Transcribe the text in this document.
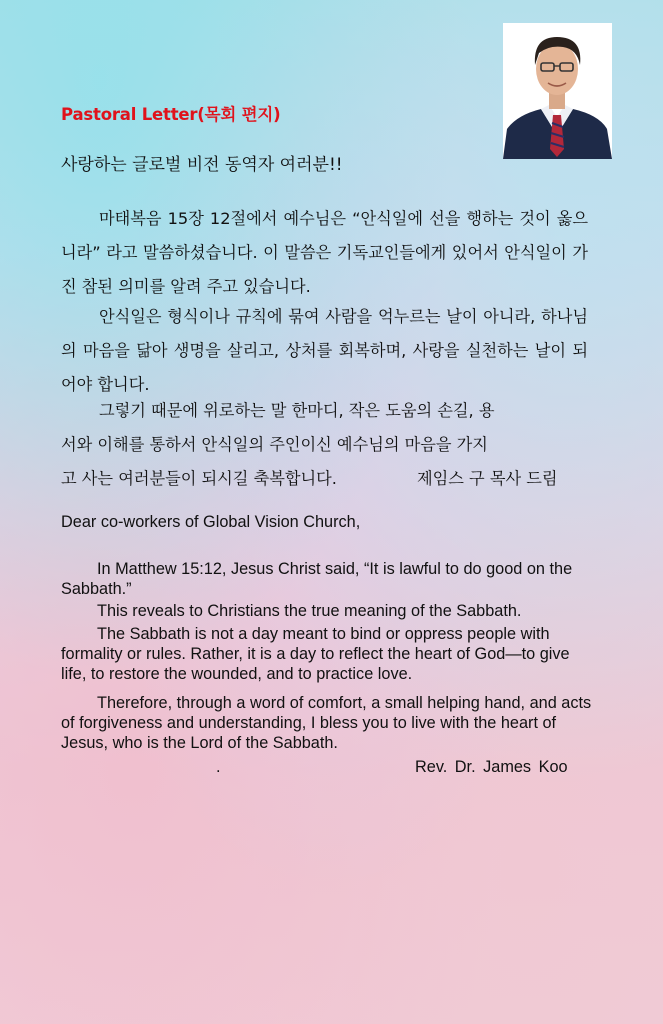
Pastoral Letter(목회 편지)
사랑하는 글로벌 비전 동역자 여러분!!

마태복음 15장 12절에서 예수님은 “안식일에 선을 행하는 것이 옳으니라” 라고 말씀하셨습니다. 이 말씀은 기독교인들에게 있어서 안식일이 가진 참된 의미를 알려 주고 있습니다.

안식일은 형식이나 규칙에 묶여 사람을 억누르는 날이 아니라, 하나님의 마음을 닮아 생명을 살리고, 상처를 회복하며, 사랑을 실천하는 날이 되어야 합니다.

그렇기 때문에 위로하는 말 한마디, 작은 도움의 손길, 용

서와 이해를 통하서 안식일의 주인이신 예수님의 마음을 가지

고 사는 여러분들이 되시길 축복합니다.	제임스 구 목사 드림
Dear co-workers of Global Vision Church,

In Matthew 15:12, Jesus Christ said, “It is lawful to do good on the Sabbath.”

This reveals to Christians the true meaning of the Sabbath.

The Sabbath is not a day meant to bind or oppress people with formality or rules. Rather, it is a day to reflect the heart of God—to give life, to restore the wounded, and to practice love.

Therefore, through a word of comfort, a small helping hand, and acts of forgiveness and understanding, I bless you to live with the heart of Jesus, who is the Lord of the Sabbath.

.	Rev. Dr. James Koo
